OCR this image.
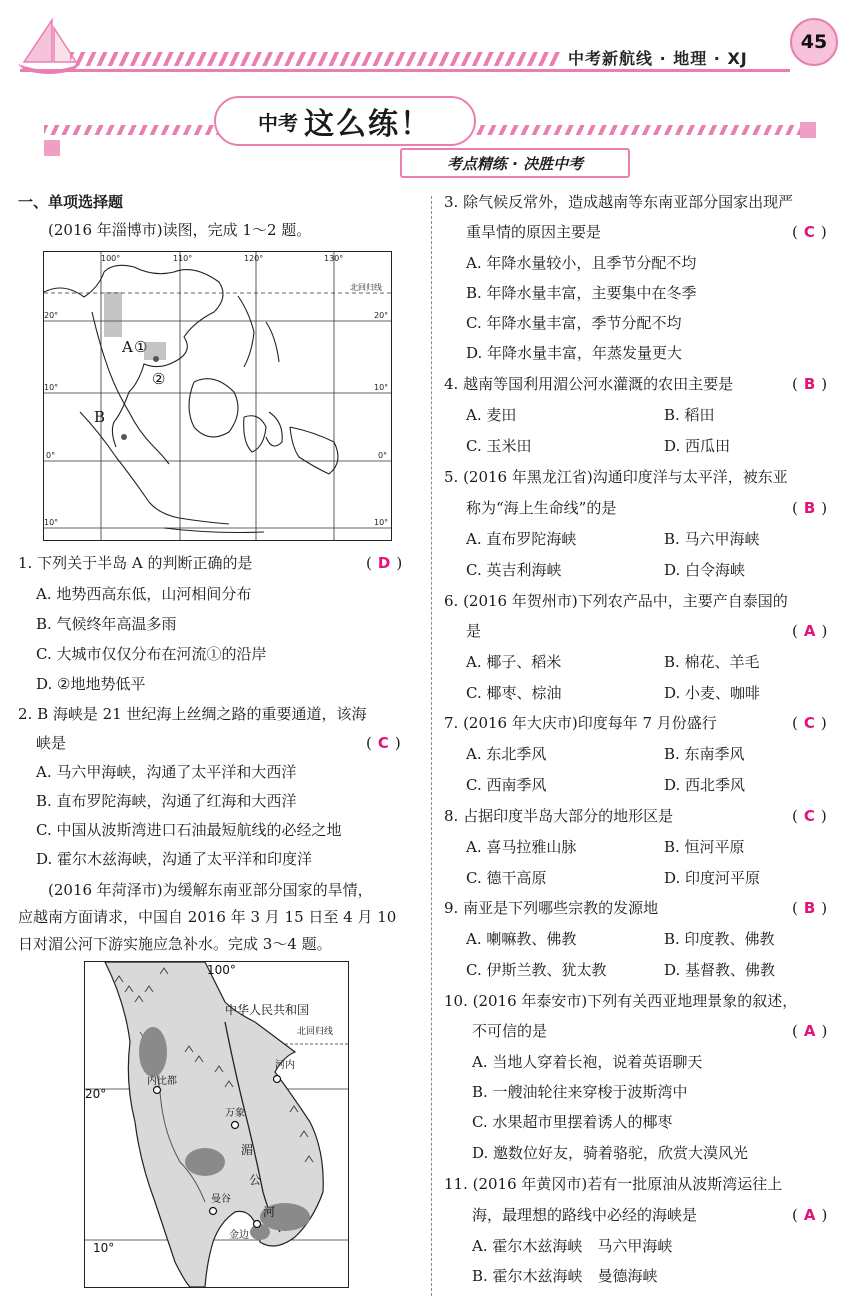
中考新航线 · 地理 · XJ
45
中考 这么练！
考点精练 · 决胜中考
一、单项选择题
(2016 年淄博市)读图，完成 1～2 题。
100°	110°	120°	130°
20°	20°
10°	10°
0°	0°
10°	10°
北回归线
A ①
②
B
1. 下列关于半岛 A 的判断正确的是	( D )
A. 地势西高东低，山河相间分布
B. 气候终年高温多雨
C. 大城市仅仅分布在河流①的沿岸
D. ②地地势低平
2. B 海峡是 21 世纪海上丝绸之路的重要通道，该海
峡是	( C )
A. 马六甲海峡，沟通了太平洋和大西洋
B. 直布罗陀海峡，沟通了红海和大西洋
C. 中国从波斯湾进口石油最短航线的必经之地
D. 霍尔木兹海峡，沟通了太平洋和印度洋
(2016 年菏泽市)为缓解东南亚部分国家的旱情，
应越南方面请求，中国自 2016 年 3 月 15 日至 4 月 10
日对湄公河下游实施应急补水。完成 3～4 题。
100°
20°
10°
中华人民共和国
北回归线
河内
内比都
万象
湄
公
河
曼谷
金边
3. 除气候反常外，造成越南等东南亚部分国家出现严
重旱情的原因主要是	( C )
A. 年降水量较小，且季节分配不均
B. 年降水量丰富，主要集中在冬季
C. 年降水量丰富，季节分配不均
D. 年降水量丰富，年蒸发量更大
4. 越南等国利用湄公河水灌溉的农田主要是	( B )
A. 麦田	B. 稻田
C. 玉米田	D. 西瓜田
5. (2016 年黑龙江省)沟通印度洋与太平洋，被东亚
称为“海上生命线”的是	( B )
A. 直布罗陀海峡	B. 马六甲海峡
C. 英吉利海峡	D. 白令海峡
6. (2016 年贺州市)下列农产品中，主要产自泰国的
是	( A )
A. 椰子、稻米	B. 棉花、羊毛
C. 椰枣、棕油	D. 小麦、咖啡
7. (2016 年大庆市)印度每年 7 月份盛行	( C )
A. 东北季风	B. 东南季风
C. 西南季风	D. 西北季风
8. 占据印度半岛大部分的地形区是	( C )
A. 喜马拉雅山脉	B. 恒河平原
C. 德干高原	D. 印度河平原
9. 南亚是下列哪些宗教的发源地	( B )
A. 喇嘛教、佛教	B. 印度教、佛教
C. 伊斯兰教、犹太教	D. 基督教、佛教
10. (2016 年泰安市)下列有关西亚地理景象的叙述，
不可信的是	( A )
A. 当地人穿着长袍，说着英语聊天
B. 一艘油轮往来穿梭于波斯湾中
C. 水果超市里摆着诱人的椰枣
D. 邀数位好友，骑着骆驼，欣赏大漠风光
11. (2016 年黄冈市)若有一批原油从波斯湾运往上
海，最理想的路线中必经的海峡是	( A )
A. 霍尔木兹海峡　马六甲海峡
B. 霍尔木兹海峡　曼德海峡
